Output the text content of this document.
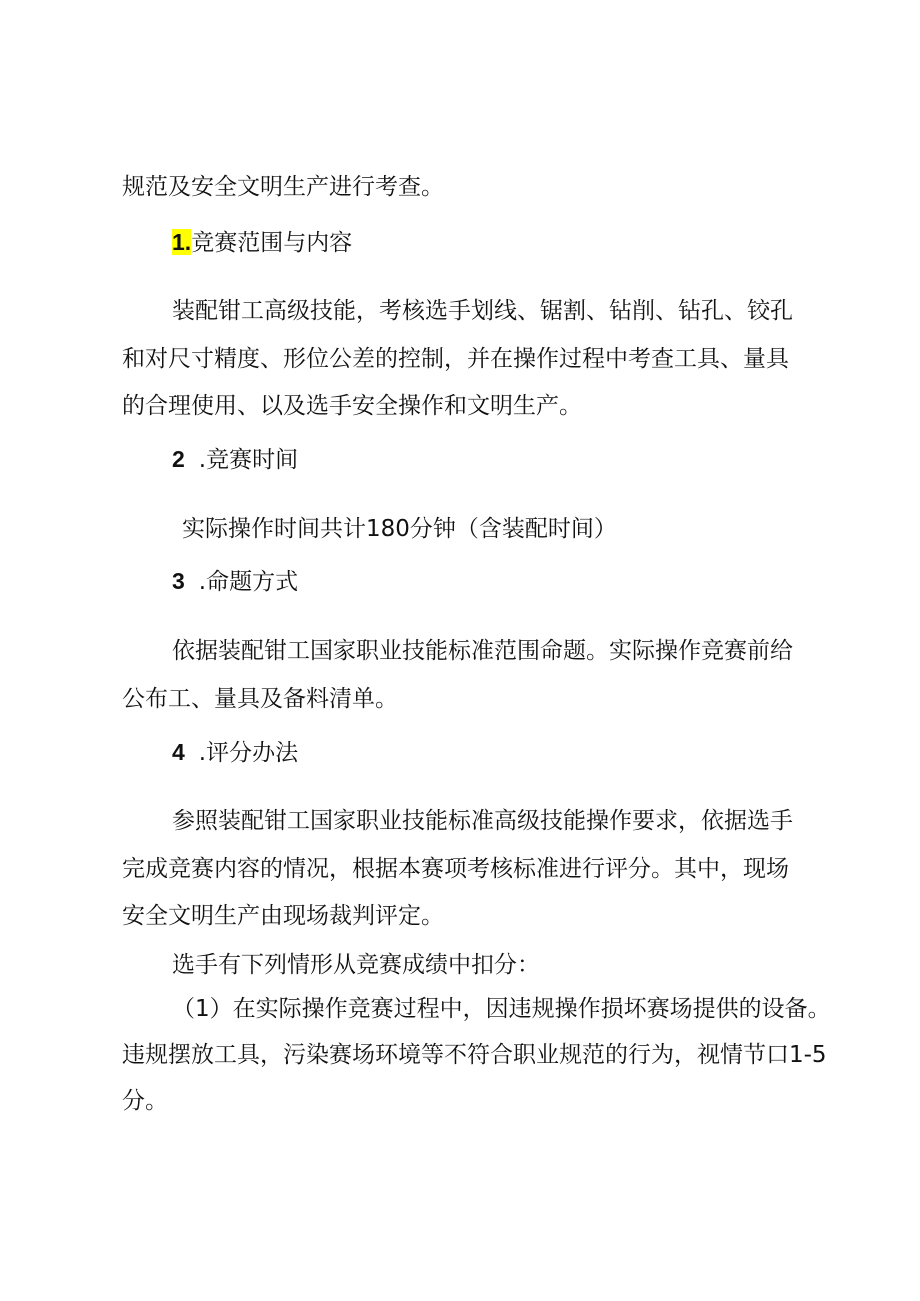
规范及安全文明生产进行考查。
1.竞赛范围与内容
装配钳工高级技能，考核选手划线、锯割、钻削、钻孔、铰孔
和对尺寸精度、形位公差的控制，并在操作过程中考查工具、量具
的合理使用、以及选手安全操作和文明生产。
2 .竞赛时间
实际操作时间共计180分钟（含装配时间）
3 .命题方式
依据装配钳工国家职业技能标准范围命题。实际操作竞赛前给
公布工、量具及备料清单。
4 .评分办法
参照装配钳工国家职业技能标准高级技能操作要求，依据选手
完成竞赛内容的情况，根据本赛项考核标准进行评分。其中，现场
安全文明生产由现场裁判评定。
选手有下列情形从竞赛成绩中扣分：
（1）在实际操作竞赛过程中，因违规操作损坏赛场提供的设备。
违规摆放工具，污染赛场环境等不符合职业规范的行为，视情节口1-5
分。
